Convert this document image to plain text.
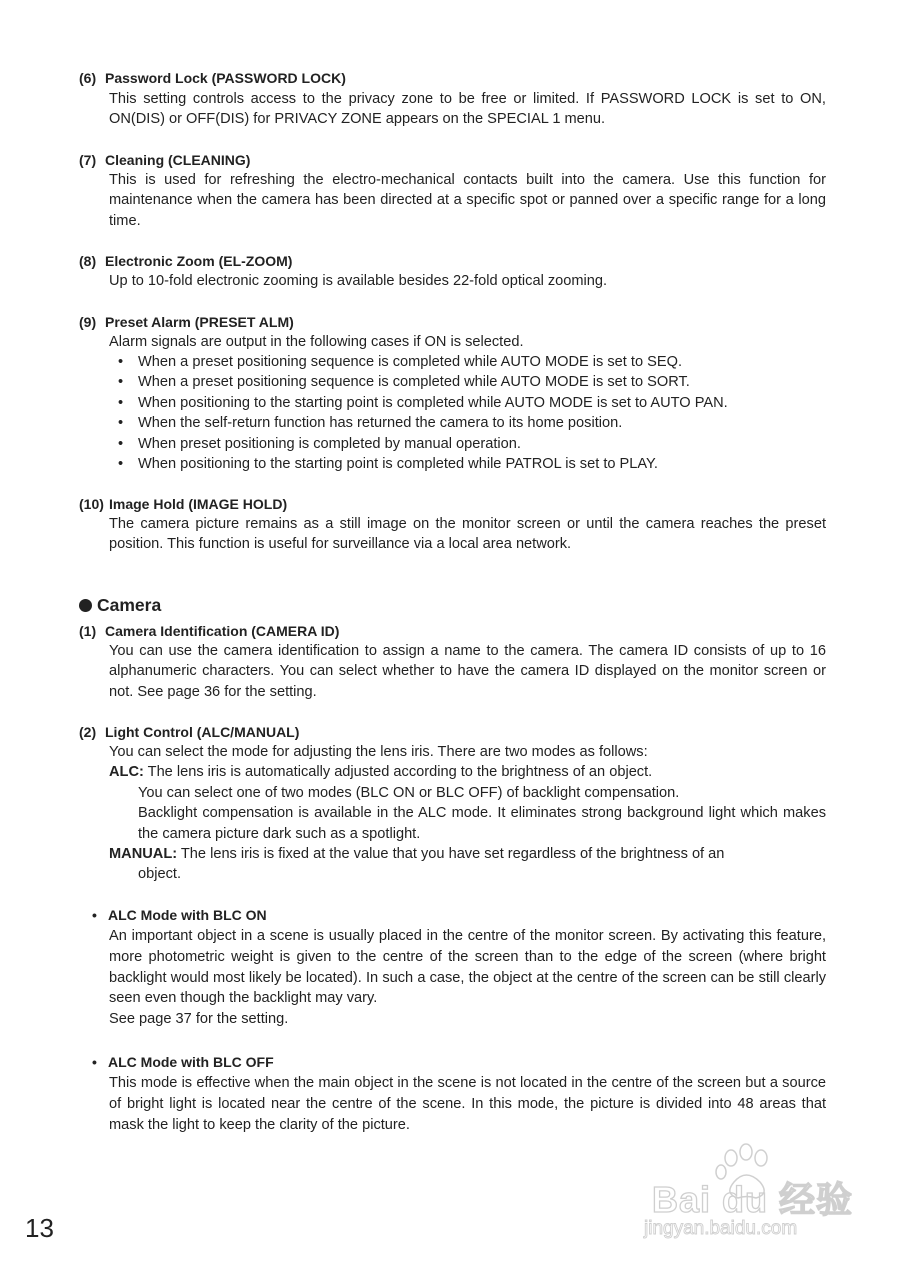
(6) Password Lock (PASSWORD LOCK)
This setting controls access to the privacy zone to be free or limited. If PASSWORD LOCK is set to ON, ON(DIS) or OFF(DIS) for PRIVACY ZONE appears on the SPECIAL 1 menu.
(7) Cleaning (CLEANING)
This is used for refreshing the electro-mechanical contacts built into the camera. Use this function for maintenance when the camera has been directed at a specific spot or panned over a specific range for a long time.
(8) Electronic Zoom (EL-ZOOM)
Up to 10-fold electronic zooming is available besides 22-fold optical zooming.
(9) Preset Alarm (PRESET ALM)
Alarm signals are output in the following cases if ON is selected.
• When a preset positioning sequence is completed while AUTO MODE is set to SEQ.
• When a preset positioning sequence is completed while AUTO MODE is set to SORT.
• When positioning to the starting point is completed while AUTO MODE is set to AUTO PAN.
• When the self-return function has returned the camera to its home position.
• When preset positioning is completed by manual operation.
• When positioning to the starting point is completed while PATROL is set to PLAY.
(10) Image Hold (IMAGE HOLD)
The camera picture remains as a still image on the monitor screen or until the camera reaches the preset position. This function is useful for surveillance via a local area network.
Camera
(1) Camera Identification (CAMERA ID)
You can use the camera identification to assign a name to the camera. The camera ID consists of up to 16 alphanumeric characters. You can select whether to have the camera ID displayed on the monitor screen or not. See page 36 for the setting.
(2) Light Control (ALC/MANUAL)
You can select the mode for adjusting the lens iris. There are two modes as follows:
ALC: The lens iris is automatically adjusted according to the brightness of an object.
You can select one of two modes (BLC ON or BLC OFF) of backlight compensation.
Backlight compensation is available in the ALC mode. It eliminates strong background light which makes the camera picture dark such as a spotlight.
MANUAL: The lens iris is fixed at the value that you have set regardless of the brightness of an
object.
• ALC Mode with BLC ON
An important object in a scene is usually placed in the centre of the monitor screen. By activating this feature, more photometric weight is given to the centre of the screen than to the edge of the screen (where bright backlight would most likely be located). In such a case, the object at the centre of the screen can be still clearly seen even though the backlight may vary.
See page 37 for the setting.
• ALC Mode with BLC OFF
This mode is effective when the main object in the scene is not located in the centre of the screen but a source of bright light is located near the centre of the scene. In this mode, the picture is divided into 48 areas that mask the light to keep the clarity of the picture.
13
Bai du 经验
jingyan.baidu.com
